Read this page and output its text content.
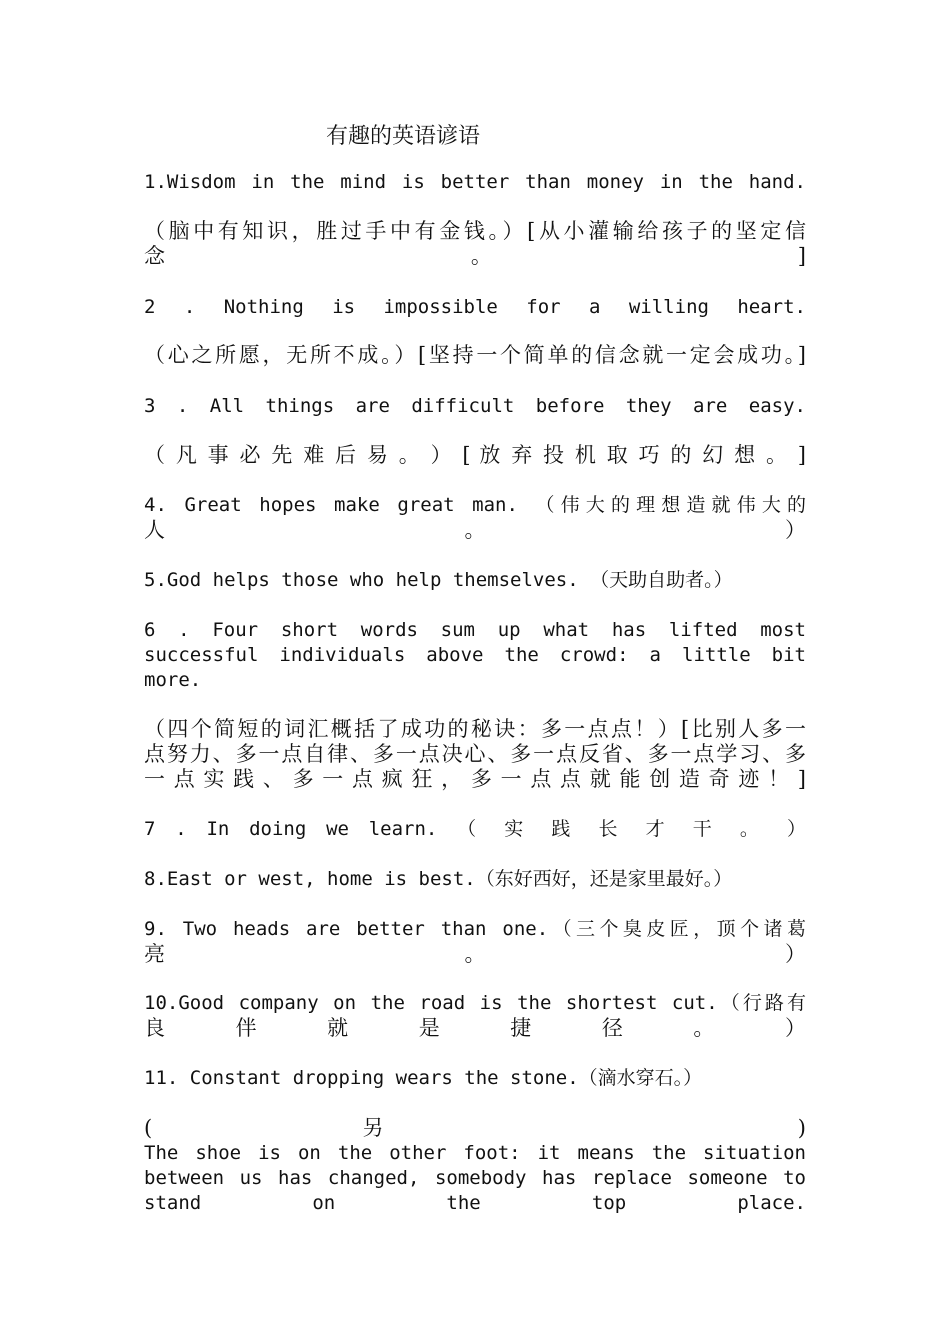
有趣的英语谚语

1.Wisdom in the mind is better than money in the hand.

（脑中有知识，胜过手中有金钱。）[从小灌输给孩子的坚定信

念 。 ]

2 . Nothing is impossible for a willing heart.

（心之所愿，无所不成。）[坚持一个简单的信念就一定会成功。]

3 . All things are difficult before they are easy.

（ 凡 事 必 先 难 后 易 。 ） [ 放 弃 投 机 取 巧 的 幻 想 。 ]

4. Great hopes make great man. （伟大的理想造就伟大的

人 。 ）

5.God helps those who help themselves. （天助自助者。）

6 . Four short words sum up what has lifted most

successful individuals above the crowd: a little bit

more.

（四个简短的词汇概括了成功的秘诀：多一点点！）[比别人多一

点努力、多一点自律、多一点决心、多一点反省、多一点学习、多

一 点 实 践 、 多 一 点 疯 狂 ， 多 一 点 点 就 能 创 造 奇 迹 ！ ]

7 . In doing we learn. （ 实 践 长 才 干 。 ）

8.East or west, home is best.（东好西好，还是家里最好。）

9. Two heads are better than one.（三个臭皮匠，顶个诸葛

亮 。 ）

10.Good company on the road is the shortest cut.（行路有

良 伴 就 是 捷 径 。 ）

11. Constant dropping wears the stone.（滴水穿石。）

( 另 )

The shoe is on the other foot: it means the situation

between us has changed, somebody has replace someone to

stand on the top place.
